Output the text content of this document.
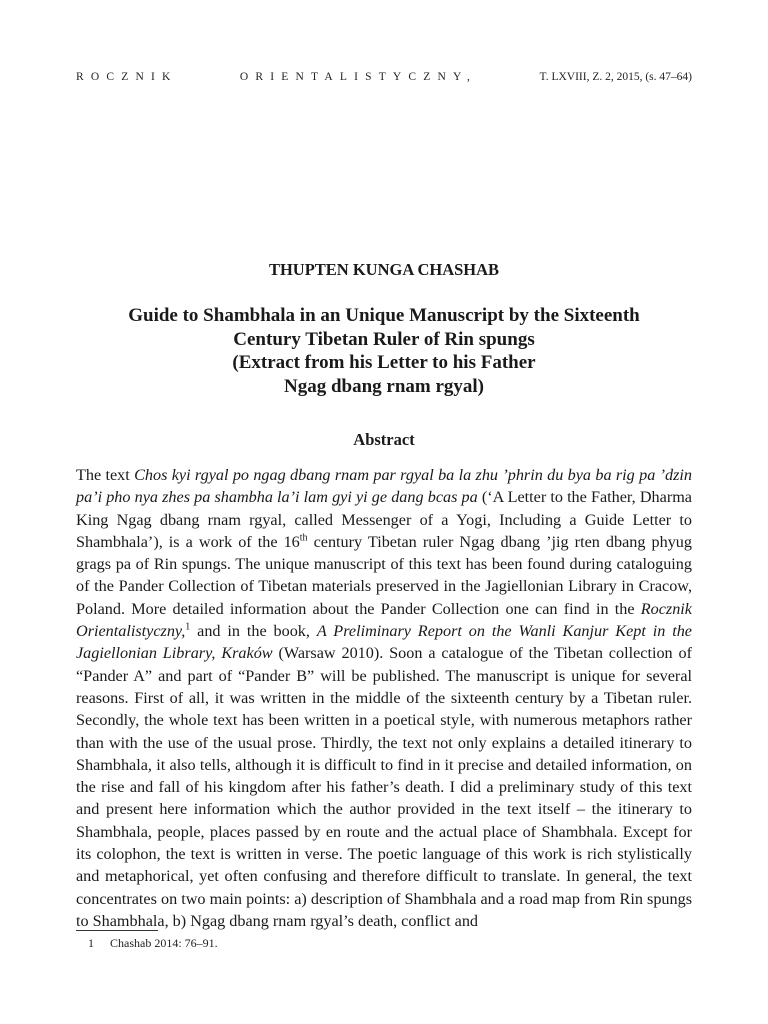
ROCZNIK	ORIENTALISTYCZNY,	T. LXVIII, Z. 2, 2015, (s. 47–64)
THUPTEN KUNGA CHASHAB
Guide to Shambhala in an Unique Manuscript by the Sixteenth
Century Tibetan Ruler of Rin spungs
(Extract from his Letter to his Father
Ngag dbang rnam rgyal)
Abstract
The text Chos kyi rgyal po ngag dbang rnam par rgyal ba la zhu ’phrin du bya ba rig pa ’dzin pa’i pho nya zhes pa shambha la’i lam gyi yi ge dang bcas pa (‘A Letter to the Father, Dharma King Ngag dbang rnam rgyal, called Messenger of a Yogi, Including a Guide Letter to Shambhala’), is a work of the 16th century Tibetan ruler Ngag dbang ’jig rten dbang phyug grags pa of Rin spungs. The unique manuscript of this text has been found during cataloguing of the Pander Collection of Tibetan materials preserved in the Jagiellonian Library in Cracow, Poland. More detailed information about the Pander Collection one can find in the Rocznik Orientalistyczny,$^1$ and in the book, A Preliminary Report on the Wanli Kanjur Kept in the Jagiellonian Library, Kraków (Warsaw 2010). Soon a catalogue of the Tibetan collection of “Pander A” and part of “Pander B” will be published. The manuscript is unique for several reasons. First of all, it was written in the middle of the sixteenth century by a Tibetan ruler. Secondly, the whole text has been written in a poetical style, with numerous metaphors rather than with the use of the usual prose. Thirdly, the text not only explains a detailed itinerary to Shambhala, it also tells, although it is difficult to find in it precise and detailed information, on the rise and fall of his kingdom after his father’s death. I did a preliminary study of this text and present here information which the author provided in the text itself – the itinerary to Shambhala, people, places passed by en route and the actual place of Shambhala. Except for its colophon, the text is written in verse. The poetic language of this work is rich stylistically and metaphorical, yet often confusing and therefore difficult to translate. In general, the text concentrates on two main points: a) description of Shambhala and a road map from Rin spungs to Shambhala, b) Ngag dbang rnam rgyal’s death, conflict and
1 Chashab 2014: 76–91.
